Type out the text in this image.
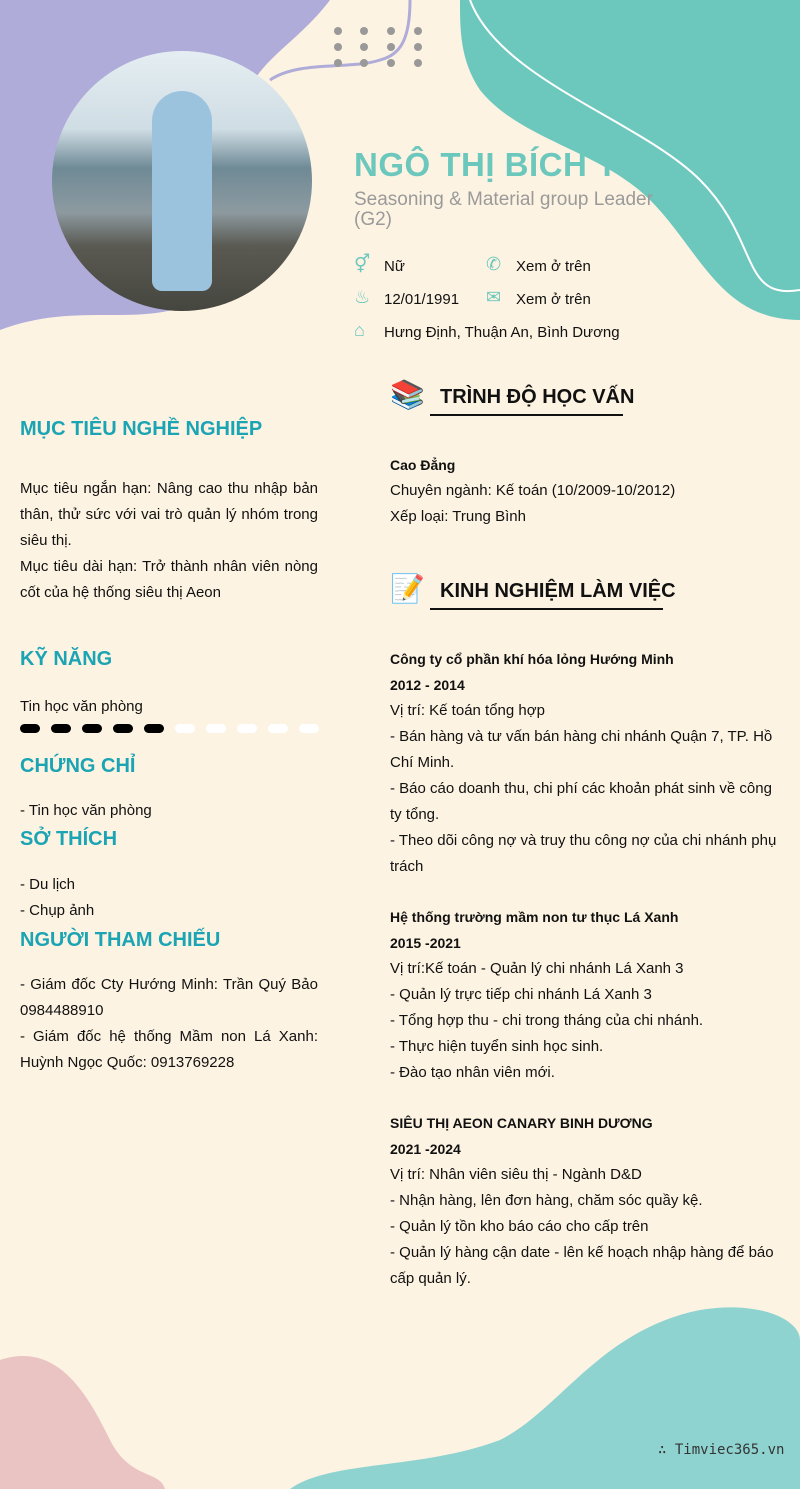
NGÔ THỊ BÍCH THU
Seasoning & Material group Leader (G2)
⚥ Nữ	✆ Xem ở trên
♨ 12/01/1991 ✉ Xem ở trên
⌂ Hưng Định, Thuận An, Bình Dương
MỤC TIÊU NGHỀ NGHIỆP
Mục tiêu ngắn hạn: Nâng cao thu nhập bản thân, thử sức với vai trò quản lý nhóm trong siêu thị.
Mục tiêu dài hạn: Trở thành nhân viên nòng cốt của hệ thống siêu thị Aeon
KỸ NĂNG
Tin học văn phòng
CHỨNG CHỈ
- Tin học văn phòng
SỞ THÍCH
- Du lịch
- Chụp ảnh
NGƯỜI THAM CHIẾU
- Giám đốc Cty Hướng Minh: Trần Quý Bảo 0984488910
- Giám đốc hệ thống Mầm non Lá Xanh: Huỳnh Ngọc Quốc: 0913769228
📚 TRÌNH ĐỘ HỌC VẤN
Cao Đẳng
Chuyên ngành: Kế toán (10/2009-10/2012)
Xếp loại: Trung Bình
📝 KINH NGHIỆM LÀM VIỆC
Công ty cổ phần khí hóa lỏng Hướng Minh
2012 - 2014
Vị trí: Kế toán tổng hợp
- Bán hàng và tư vấn bán hàng chi nhánh Quận 7, TP. Hồ Chí Minh.
- Báo cáo doanh thu, chi phí các khoản phát sinh về công ty tổng.
- Theo dõi công nợ và truy thu công nợ của chi nhánh phụ trách
Hệ thống trường mầm non tư thục Lá Xanh
2015 -2021
Vị trí:Kế toán - Quản lý chi nhánh Lá Xanh 3
- Quản lý trực tiếp chi nhánh Lá Xanh 3
- Tổng hợp thu - chi trong tháng của chi nhánh.
- Thực hiện tuyển sinh học sinh.
- Đào tạo nhân viên mới.
SIÊU THỊ AEON CANARY BINH DƯƠNG
2021 -2024
Vị trí: Nhân viên siêu thị - Ngành D&D
- Nhận hàng, lên đơn hàng, chăm sóc quầy kệ.
- Quản lý tồn kho báo cáo cho cấp trên
- Quản lý hàng cận date - lên kế hoạch nhập hàng để báo cấp quản lý.
∴ Timviec365.vn
